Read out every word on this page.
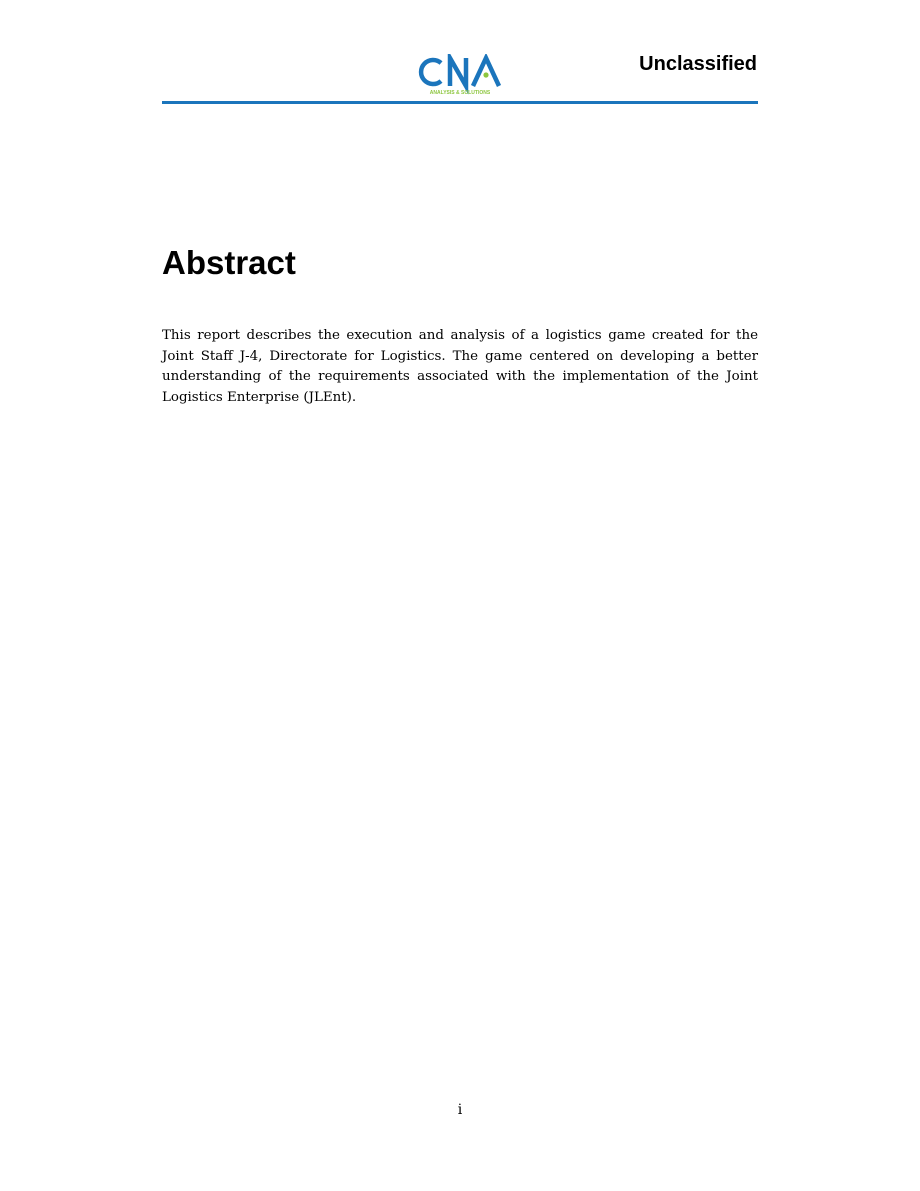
ANALYSIS & SOLUTIONS
Unclassified
Abstract

This report describes the execution and analysis of a logistics game created for the Joint Staff J-4, Directorate for Logistics. The game centered on developing a better understanding of the requirements associated with the implementation of the Joint Logistics Enterprise (JLEnt).

i
